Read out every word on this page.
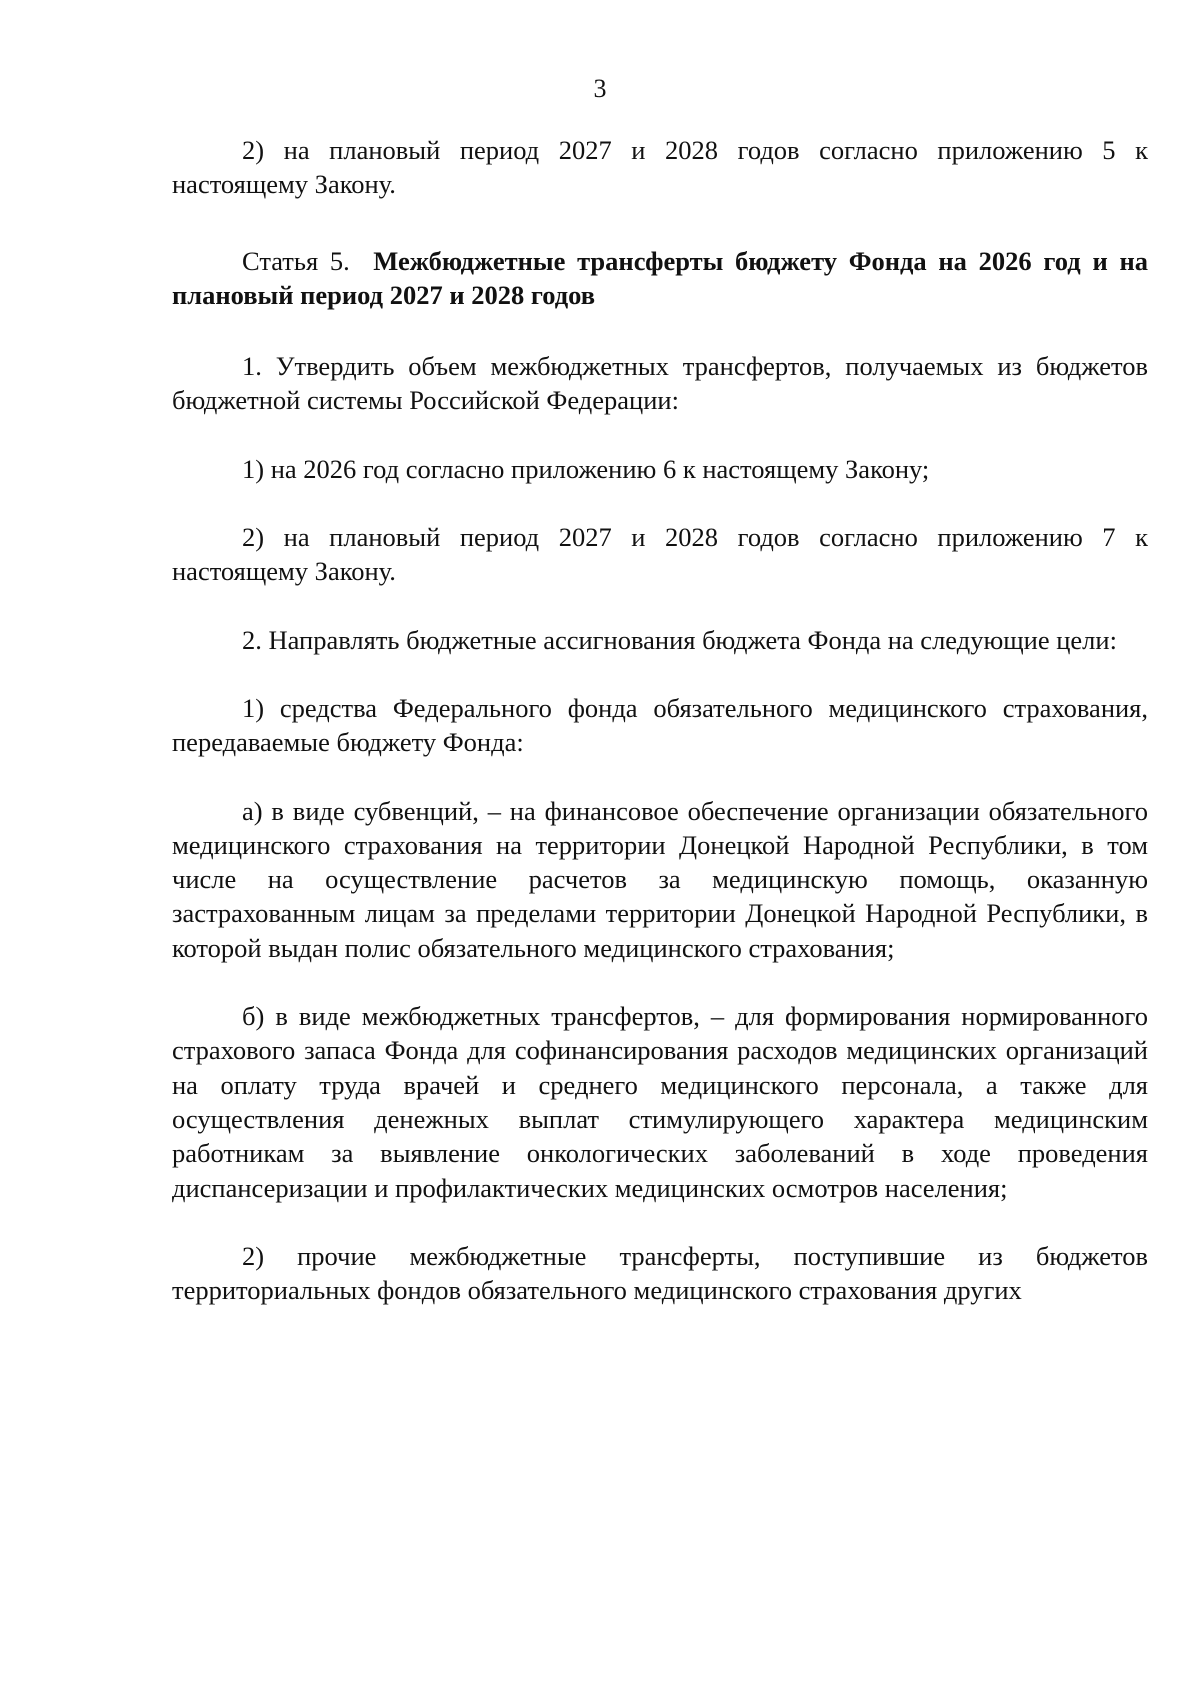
3

2) на плановый период 2027 и 2028 годов согласно приложению 5 к настоящему Закону.

Статья 5. Межбюджетные трансферты бюджету Фонда на 2026 год и на плановый период 2027 и 2028 годов

1. Утвердить объем межбюджетных трансфертов, получаемых из бюджетов бюджетной системы Российской Федерации:

1) на 2026 год согласно приложению 6 к настоящему Закону;

2) на плановый период 2027 и 2028 годов согласно приложению 7 к настоящему Закону.

2. Направлять бюджетные ассигнования бюджета Фонда на следующие цели:

1) средства Федерального фонда обязательного медицинского страхования, передаваемые бюджету Фонда:

а) в виде субвенций, – на финансовое обеспечение организации обязательного медицинского страхования на территории Донецкой Народной Республики, в том числе на осуществление расчетов за медицинскую помощь, оказанную застрахованным лицам за пределами территории Донецкой Народной Республики, в которой выдан полис обязательного медицинского страхования;

б) в виде межбюджетных трансфертов, – для формирования нормированного страхового запаса Фонда для софинансирования расходов медицинских организаций на оплату труда врачей и среднего медицинского персонала, а также для осуществления денежных выплат стимулирующего характера медицинским работникам за выявление онкологических заболеваний в ходе проведения диспансеризации и профилактических медицинских осмотров населения;

2) прочие межбюджетные трансферты, поступившие из бюджетов территориальных фондов обязательного медицинского страхования других
